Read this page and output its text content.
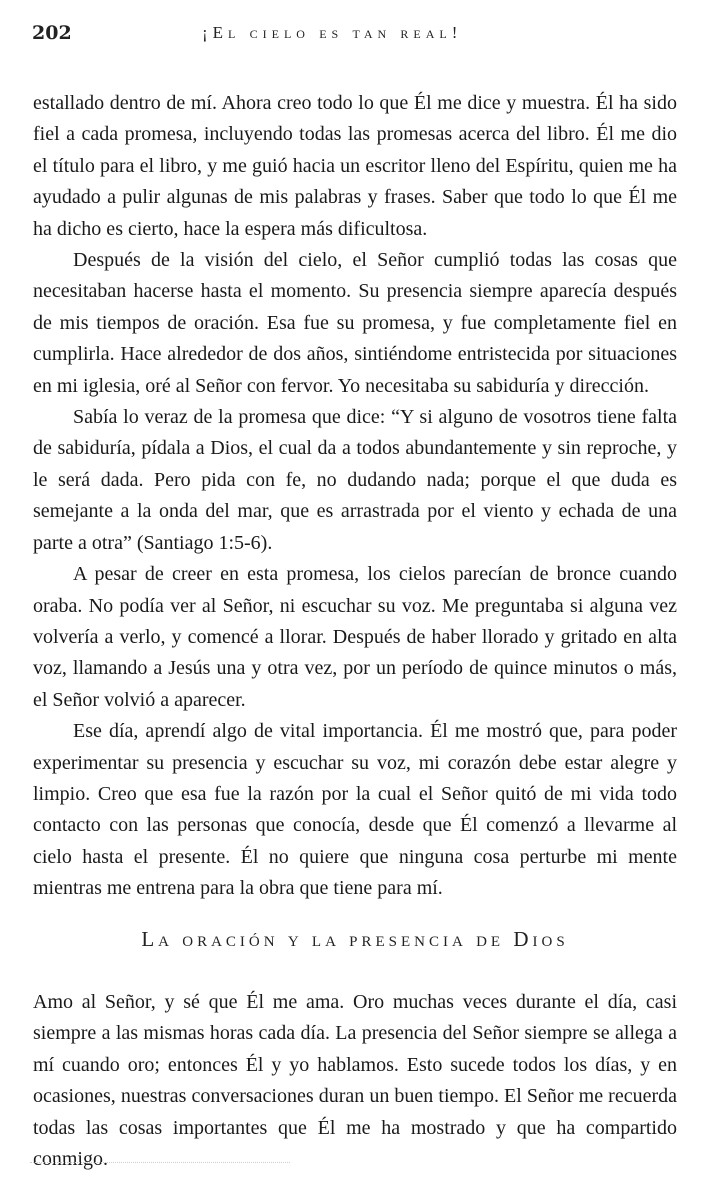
202	¡El cielo es tan real!

estallado dentro de mí. Ahora creo todo lo que Él me dice y muestra. Él ha sido fiel a cada promesa, incluyendo todas las promesas acerca del libro. Él me dio el título para el libro, y me guió hacia un escritor lleno del Espíritu, quien me ha ayudado a pulir algunas de mis palabras y frases. Saber que todo lo que Él me ha dicho es cierto, hace la espera más dificultosa.

Después de la visión del cielo, el Señor cumplió todas las cosas que necesitaban hacerse hasta el momento. Su presencia siempre aparecía después de mis tiempos de oración. Esa fue su promesa, y fue completamente fiel en cumplirla. Hace alrededor de dos años, sintiéndome entristecida por situaciones en mi iglesia, oré al Señor con fervor. Yo necesitaba su sabiduría y dirección.

Sabía lo veraz de la promesa que dice: “Y si alguno de vosotros tiene falta de sabiduría, pídala a Dios, el cual da a todos abundantemente y sin reproche, y le será dada. Pero pida con fe, no dudando nada; porque el que duda es semejante a la onda del mar, que es arrastrada por el viento y echada de una parte a otra” (Santiago 1:5-6).

A pesar de creer en esta promesa, los cielos parecían de bronce cuando oraba. No podía ver al Señor, ni escuchar su voz. Me preguntaba si alguna vez volvería a verlo, y comencé a llorar. Después de haber llorado y gritado en alta voz, llamando a Jesús una y otra vez, por un período de quince minutos o más, el Señor volvió a aparecer.

Ese día, aprendí algo de vital importancia. Él me mostró que, para poder experimentar su presencia y escuchar su voz, mi corazón debe estar alegre y limpio. Creo que esa fue la razón por la cual el Señor quitó de mi vida todo contacto con las personas que conocía, desde que Él comenzó a llevarme al cielo hasta el presente. Él no quiere que ninguna cosa perturbe mi mente mientras me entrena para la obra que tiene para mí.

La oración y la presencia de Dios

Amo al Señor, y sé que Él me ama. Oro muchas veces durante el día, casi siempre a las mismas horas cada día. La presencia del Señor siempre se allega a mí cuando oro; entonces Él y yo hablamos. Esto sucede todos los días, y en ocasiones, nuestras conversaciones duran un buen tiempo. El Señor me recuerda todas las cosas importantes que Él me ha mostrado y que ha compartido conmigo.
